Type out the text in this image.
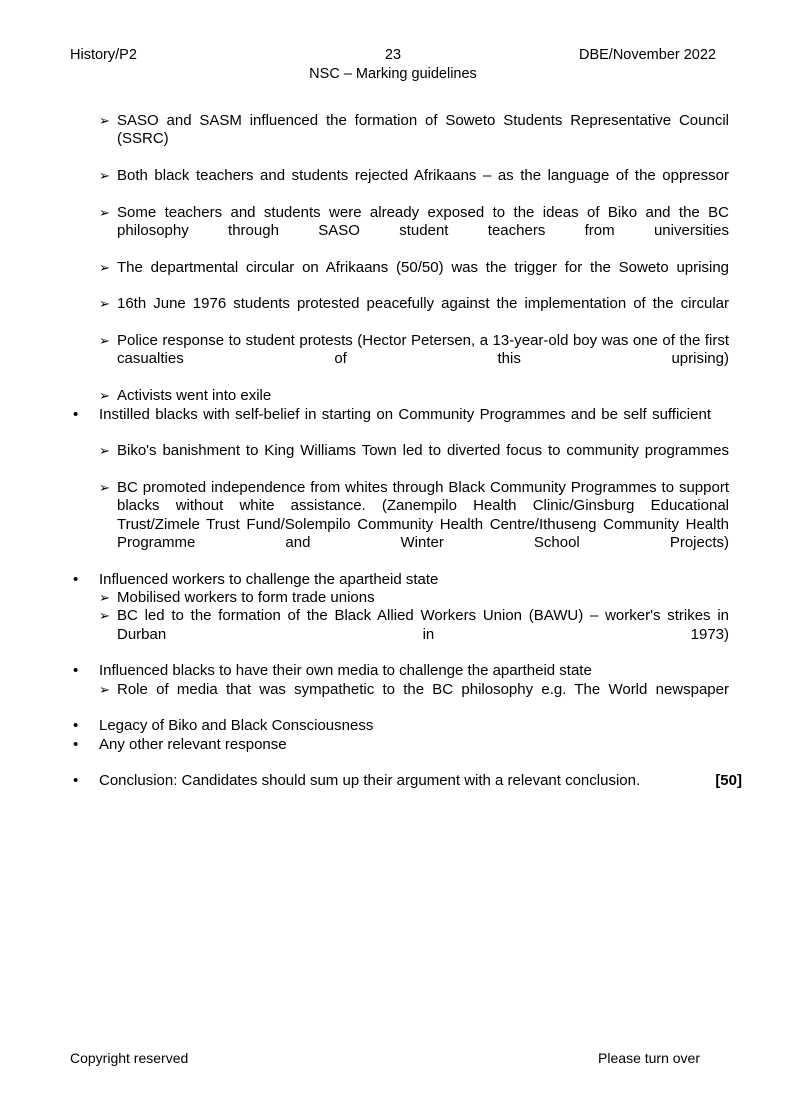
History/P2	23	DBE/November 2022
NSC – Marking guidelines
➢ SASO and SASM influenced the formation of Soweto Students Representative Council (SSRC)
➢ Both black teachers and students rejected Afrikaans – as the language of the oppressor
➢ Some teachers and students were already exposed to the ideas of Biko and the BC philosophy through SASO student teachers from universities
➢ The departmental circular on Afrikaans (50/50) was the trigger for the Soweto uprising
➢ 16th June 1976 students protested peacefully against the implementation of the circular
➢ Police response to student protests (Hector Petersen, a 13-year-old boy was one of the first casualties of this uprising)
➢ Activists went into exile
• Instilled blacks with self-belief in starting on Community Programmes and be self sufficient
➢ Biko's banishment to King Williams Town led to diverted focus to community programmes
➢ BC promoted independence from whites through Black Community Programmes to support blacks without white assistance. (Zanempilo Health Clinic/Ginsburg Educational Trust/Zimele Trust Fund/Solempilo Community Health Centre/Ithuseng Community Health Programme and Winter School Projects)
• Influenced workers to challenge the apartheid state
➢ Mobilised workers to form trade unions
➢ BC led to the formation of the Black Allied Workers Union (BAWU) – worker's strikes in Durban in 1973)
• Influenced blacks to have their own media to challenge the apartheid state
➢ Role of media that was sympathetic to the BC philosophy e.g. The World newspaper
• Legacy of Biko and Black Consciousness
• Any other relevant response
• Conclusion: Candidates should sum up their argument with a relevant conclusion.	[50]
Copyright reserved	Please turn over
